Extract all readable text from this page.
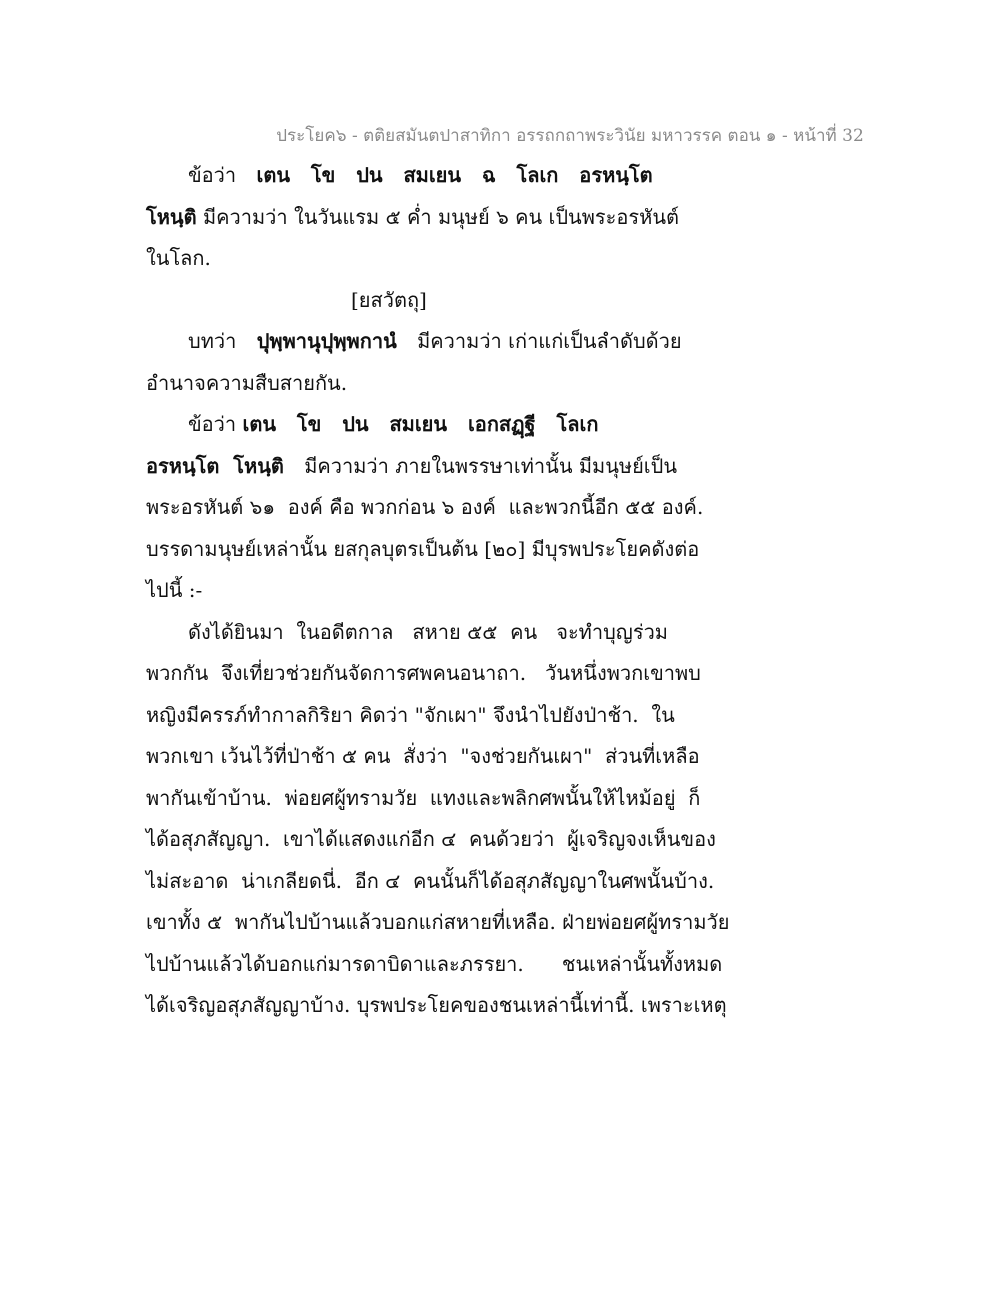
ประโยค๖ - ตติยสมันตปาสาทิกา อรรถกถาพระวินัย มหาวรรค ตอน ๑ - หน้าที่ 32
ข้อว่า เตน   โข   ปน   สมเยน   ฉ   โลเก   อรหนฺโต
โหนฺติ มีความว่า ในวันแรม ๕ ค่ำ มนุษย์ ๖ คน เป็นพระอรหันต์
ในโลก.
[ยสวัตถุ]
บทว่า ปุพฺพานุปุพฺพกานํ มีความว่า เก่าแก่เป็นลำดับด้วย
อำนาจความสืบสายกัน.
ข้อว่า เตน   โข   ปน   สมเยน   เอกสฏฺฐี   โลเก
อรหนฺโต  โหนฺติ มีความว่า ภายในพรรษาเท่านั้น มีมนุษย์เป็น
พระอรหันต์ ๖๑  องค์ คือ พวกก่อน ๖ องค์  และพวกนี้อีก ๕๕ องค์.
บรรดามนุษย์เหล่านั้น ยสกุลบุตรเป็นต้น [๒๐] มีบุรพประโยคดังต่อ
ไปนี้ :-
ดังได้ยินมา  ในอดีตกาล   สหาย ๕๕  คน   จะทำบุญร่วม
พวกกัน  จึงเที่ยวช่วยกันจัดการศพคนอนาถา.   วันหนึ่งพวกเขาพบ
หญิงมีครรภ์ทำกาลกิริยา คิดว่า "จักเผา" จึงนำไปยังป่าช้า.  ใน
พวกเขา เว้นไว้ที่ป่าช้า ๕ คน  สั่งว่า  "จงช่วยกันเผา"  ส่วนที่เหลือ
พากันเข้าบ้าน.  พ่อยศผู้ทรามวัย  แทงและพลิกศพนั้นให้ไหม้อยู่  ก็
ได้อสุภสัญญา.  เขาได้แสดงแก่อีก ๔  คนด้วยว่า  ผู้เจริญจงเห็นของ
ไม่สะอาด  น่าเกลียดนี่.  อีก ๔  คนนั้นก็ได้อสุภสัญญาในศพนั้นบ้าง.
เขาทั้ง ๕  พากันไปบ้านแล้วบอกแก่สหายที่เหลือ. ฝ่ายพ่อยศผู้ทรามวัย
ไปบ้านแล้วได้บอกแก่มารดาบิดาและภรรยา.      ชนเหล่านั้นทั้งหมด
ได้เจริญอสุภสัญญาบ้าง. บุรพประโยคของชนเหล่านี้เท่านี้. เพราะเหตุ
